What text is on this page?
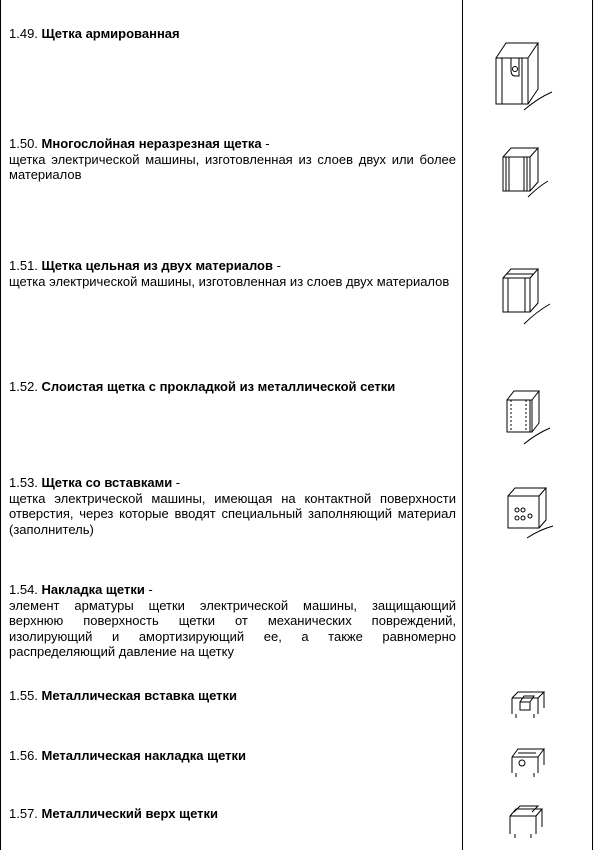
1.49. Щетка армированная
1.50. Многослойная неразрезная щетка -
щетка электрической машины, изготовленная из слоев двух или более материалов
1.51. Щетка цельная из двух материалов -
щетка электрической машины, изготовленная из слоев двух материалов
1.52. Слоистая щетка с прокладкой из металлической сетки
1.53. Щетка со вставками -
щетка электрической машины, имеющая на контактной поверхности отверстия, через которые вводят специальный заполняющий материал (заполнитель)
1.54. Накладка щетки -
элемент арматуры щетки электрической машины, защищающий верхнюю поверхность щетки от механических повреждений, изолирующий и амортизирующий ее, а также равномерно распределяющий давление на щетку
1.55. Металлическая вставка щетки
1.56. Металлическая накладка щетки
1.57. Металлический верх щетки
